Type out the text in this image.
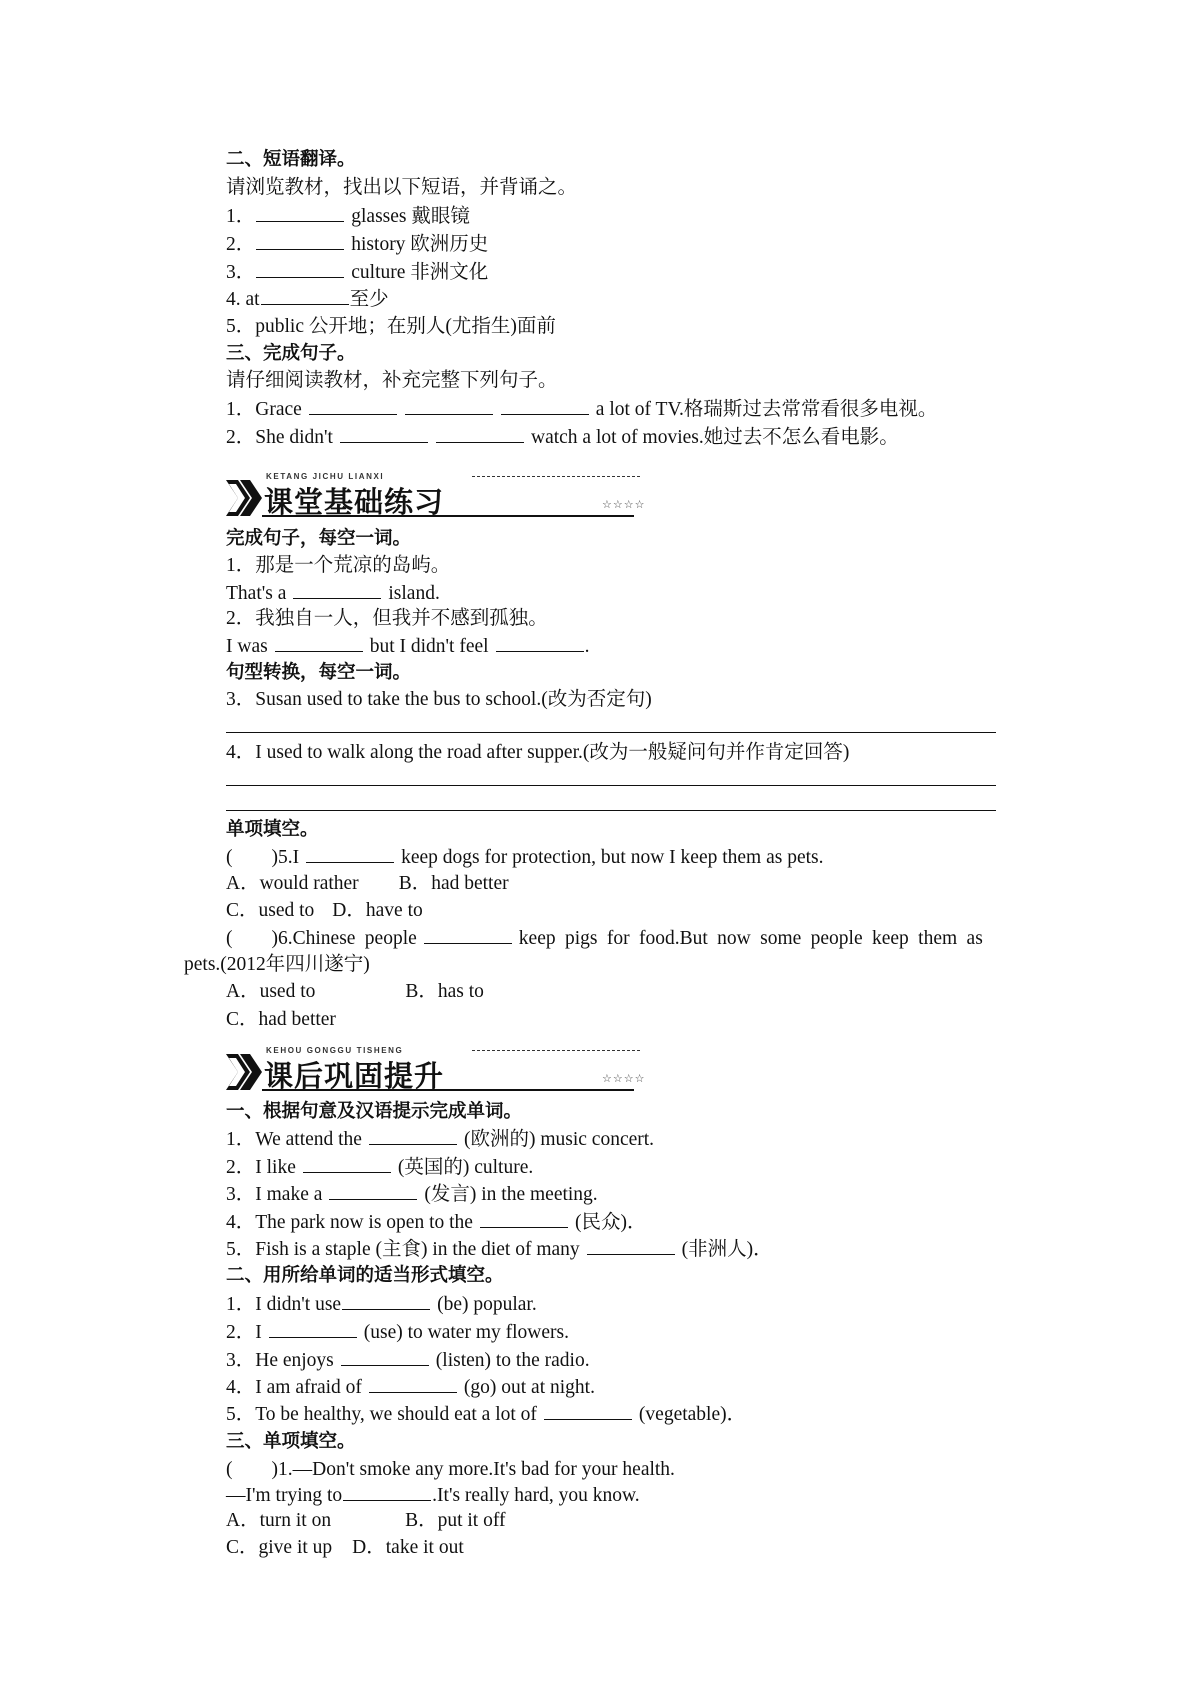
二、短语翻译。
请浏览教材，找出以下短语，并背诵之。
1．	glasses 戴眼镜
2．	history 欧洲历史
3．	culture 非洲文化
4. at	至少
5．public 公开地；在别人(尤指生)面前
三、完成句子。
请仔细阅读教材，补充完整下列句子。
1．Grace	a lot of TV.格瑞斯过去常常看很多电视。
2．She didn't	watch a lot of movies.她过去不怎么看电影。
KETANG JICHU LIANXI
课堂基础练习	☆☆☆☆
完成句子，每空一词。
1．那是一个荒凉的岛屿。
That's a	island.
2．我独自一人，但我并不感到孤独。
I was	but I didn't feel	.
句型转换，每空一词。
3．Susan used to take the bus to school.(改为否定句)
4．I used to walk along the road after supper.(改为一般疑问句并作肯定回答)
单项填空。
(　　)5.I	keep dogs for protection, but now I keep them as pets.
A．would rather B．had better
C．used to D．have to
(　　)6.Chinese people	keep pigs for food.But now some people keep them as
pets.(2012年四川遂宁)
A．used to	B．has to
C．had better
KEHOU GONGGU TISHENG
课后巩固提升	☆☆☆☆
一、根据句意及汉语提示完成单词。
1．We attend the	(欧洲的) music concert.
2．I like	(英国的) culture.
3．I make a	(发言) in the meeting.
4．The park now is open to the	(民众)．
5．Fish is a staple (主食) in the diet of many	(非洲人)．
二、用所给单词的适当形式填空。
1．I didn't use	(be) popular.
2．I	(use) to water my flowers.
3．He enjoys	(listen) to the radio.
4．I am afraid of	(go) out at night.
5．To be healthy, we should eat a lot of	(vegetable)．
三、单项填空。
(　　)1.—Don't smoke any more.It's bad for your health.
—I'm trying to	.It's really hard, you know.
A．turn it on	B．put it off
C．give it up D．take it out
